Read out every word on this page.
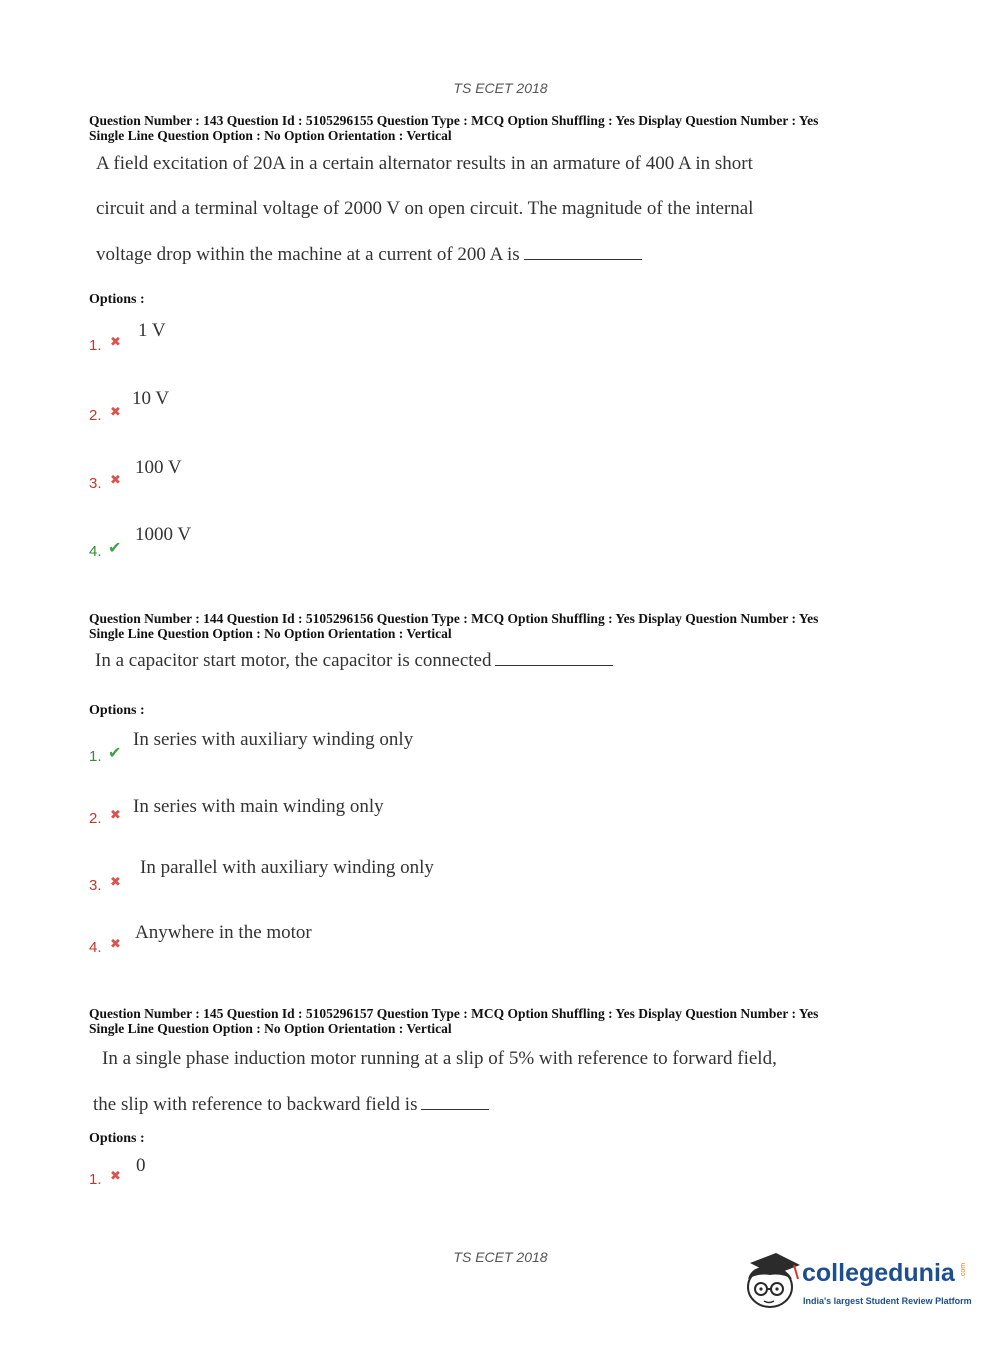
TS ECET 2018
Question Number : 143 Question Id : 5105296155 Question Type : MCQ Option Shuffling : Yes Display Question Number : Yes
Single Line Question Option : No Option Orientation : Vertical
A field excitation of 20A in a certain alternator results in an armature of 400 A in short
circuit and a terminal voltage of 2000 V on open circuit. The magnitude of the internal
voltage drop within the machine at a current of 200 A is
Options :
1. ✖
1 V
2. ✖
10 V
3. ✖
100 V
4. ✔
1000 V
Question Number : 144 Question Id : 5105296156 Question Type : MCQ Option Shuffling : Yes Display Question Number : Yes
Single Line Question Option : No Option Orientation : Vertical
In a capacitor start motor, the capacitor is connected
Options :
1. ✔
In series with auxiliary winding only
2. ✖ In series with main winding only
3. ✖
In parallel with auxiliary winding only
4. ✖
Anywhere in the motor
Question Number : 145 Question Id : 5105296157 Question Type : MCQ Option Shuffling : Yes Display Question Number : Yes
Single Line Question Option : No Option Orientation : Vertical
In a single phase induction motor running at a slip of 5% with reference to forward field,
the slip with reference to backward field is
Options :
1. ✖
0
TS ECET 2018
collegedunia .com
India's largest Student Review Platform
